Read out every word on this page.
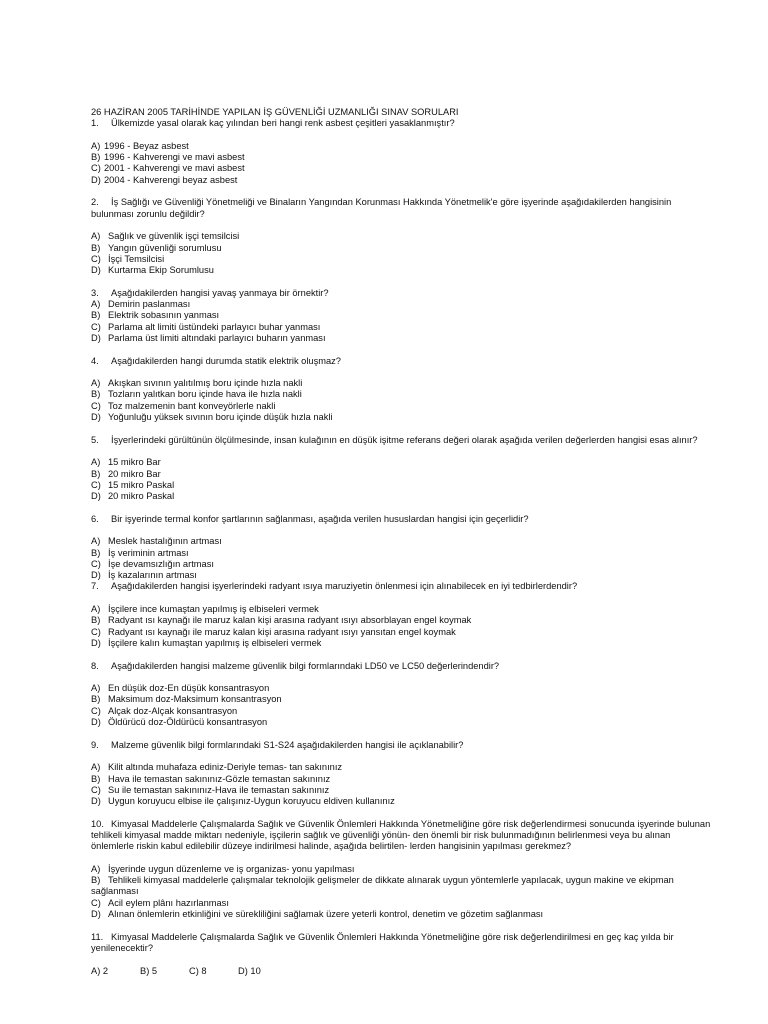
26 HAZİRAN 2005 TARİHİNDE YAPILAN İŞ GÜVENLİĞİ UZMANLIĞI SINAV SORULARI

1. Ülkemizde yasal olarak kaç yılından beri hangi renk asbest çeşitleri yasaklanmıştır?

A) 1996 - Beyaz asbest
B) 1996 - Kahverengi ve mavi asbest
C) 2001 - Kahverengi ve mavi asbest
D) 2004 - Kahverengi beyaz asbest

2. İş Sağlığı ve Güvenliği Yönetmeliği ve Binaların Yangından Korunması Hakkında Yönetmelik'e göre işyerinde aşağıdakilerden hangisinin bulunması zorunlu değildir?

A) Sağlık ve güvenlik işçi temsilcisi
B) Yangın güvenliği sorumlusu
C) İşçi Temsilcisi
D) Kurtarma Ekip Sorumlusu

3. Aşağıdakilerden hangisi yavaş yanmaya bir örnektir?

A) Demirin paslanması
B) Elektrik sobasının yanması
C) Parlama alt limiti üstündeki parlayıcı buhar yanması
D) Parlama üst limiti altındaki parlayıcı buharın yanması

4. Aşağıdakilerden hangi durumda statik elektrik oluşmaz?

A) Akışkan sıvının yalıtılmış boru içinde hızla nakli
B) Tozların yalıtkan boru içinde hava ile hızla nakli
C) Toz malzemenin bant konveyörlerle nakli
D) Yoğunluğu yüksek sıvının boru içinde düşük hızla nakli

5. İşyerlerindeki gürültünün ölçülmesinde, insan kulağının en düşük işitme referans değeri olarak aşağıda verilen değerlerden hangisi esas alınır?

A) 15 mikro Bar
B) 20 mikro Bar
C) 15 mikro Paskal
D) 20 mikro Paskal

6. Bir işyerinde termal konfor şartlarının sağlanması, aşağıda verilen hususlardan hangisi için geçerlidir?

A) Meslek hastalığının artması
B) İş veriminin artması
C) İşe devamsızlığın artması
D) İş kazalarının artması

7. Aşağıdakilerden hangisi işyerlerindeki radyant ısıya maruziyetin önlenmesi için alınabilecek en iyi tedbirlerdendir?

A) İşçilere ince kumaştan yapılmış iş elbiseleri vermek
B) Radyant ısı kaynağı ile maruz kalan kişi arasına radyant ısıyı absorblayan engel koymak
C) Radyant ısı kaynağı ile maruz kalan kişi arasına radyant ısıyı yansıtan engel koymak
D) İşçilere kalın kumaştan yapılmış iş elbiseleri vermek

8. Aşağıdakilerden hangisi malzeme güvenlik bilgi formlarındaki LD50 ve LC50 değerlerindendir?

A) En düşük doz-En düşük konsantrasyon
B) Maksimum doz-Maksimum konsantrasyon
C) Alçak doz-Alçak konsantrasyon
D) Öldürücü doz-Öldürücü konsantrasyon

9. Malzeme güvenlik bilgi formlarındaki S1-S24 aşağıdakilerden hangisi ile açıklanabilir?

A) Kilit altında muhafaza ediniz-Deriyle temas- tan sakınınız
B) Hava ile temastan sakınınız-Gözle temastan sakınınız
C) Su ile temastan sakınınız-Hava ile temastan sakınınız
D) Uygun koruyucu elbise ile çalışınız-Uygun koruyucu eldiven kullanınız

10. Kimyasal Maddelerle Çalışmalarda Sağlık ve Güvenlik Önlemleri Hakkında Yönetmeliğine göre risk değerlendirmesi sonucunda işyerinde bulunan tehlikeli kimyasal madde miktarı nedeniyle, işçilerin sağlık ve güvenliği yönün- den önemli bir risk bulunmadığının belirlenmesi veya bu alınan önlemlerle riskin kabul edilebilir düzeye indirilmesi halinde, aşağıda belirtilen- lerden hangisinin yapılması gerekmez?

A) İşyerinde uygun düzenleme ve iş organizas- yonu yapılması
B) Tehlikeli kimyasal maddelerle çalışmalar teknolojik gelişmeler de dikkate alınarak uygun yöntemlerle yapılacak, uygun makine ve ekipman sağlanması
C) Acil eylem plânı hazırlanması
D) Alınan önlemlerin etkinliğini ve sürekliliğini sağlamak üzere yeterli kontrol, denetim ve gözetim sağlanması

11. Kimyasal Maddelerle Çalışmalarda Sağlık ve Güvenlik Önlemleri Hakkında Yönetmeliğine göre risk değerlendirilmesi en geç kaç yılda bir yenilenecektir?

A) 2	B) 5	C) 8	D) 10
